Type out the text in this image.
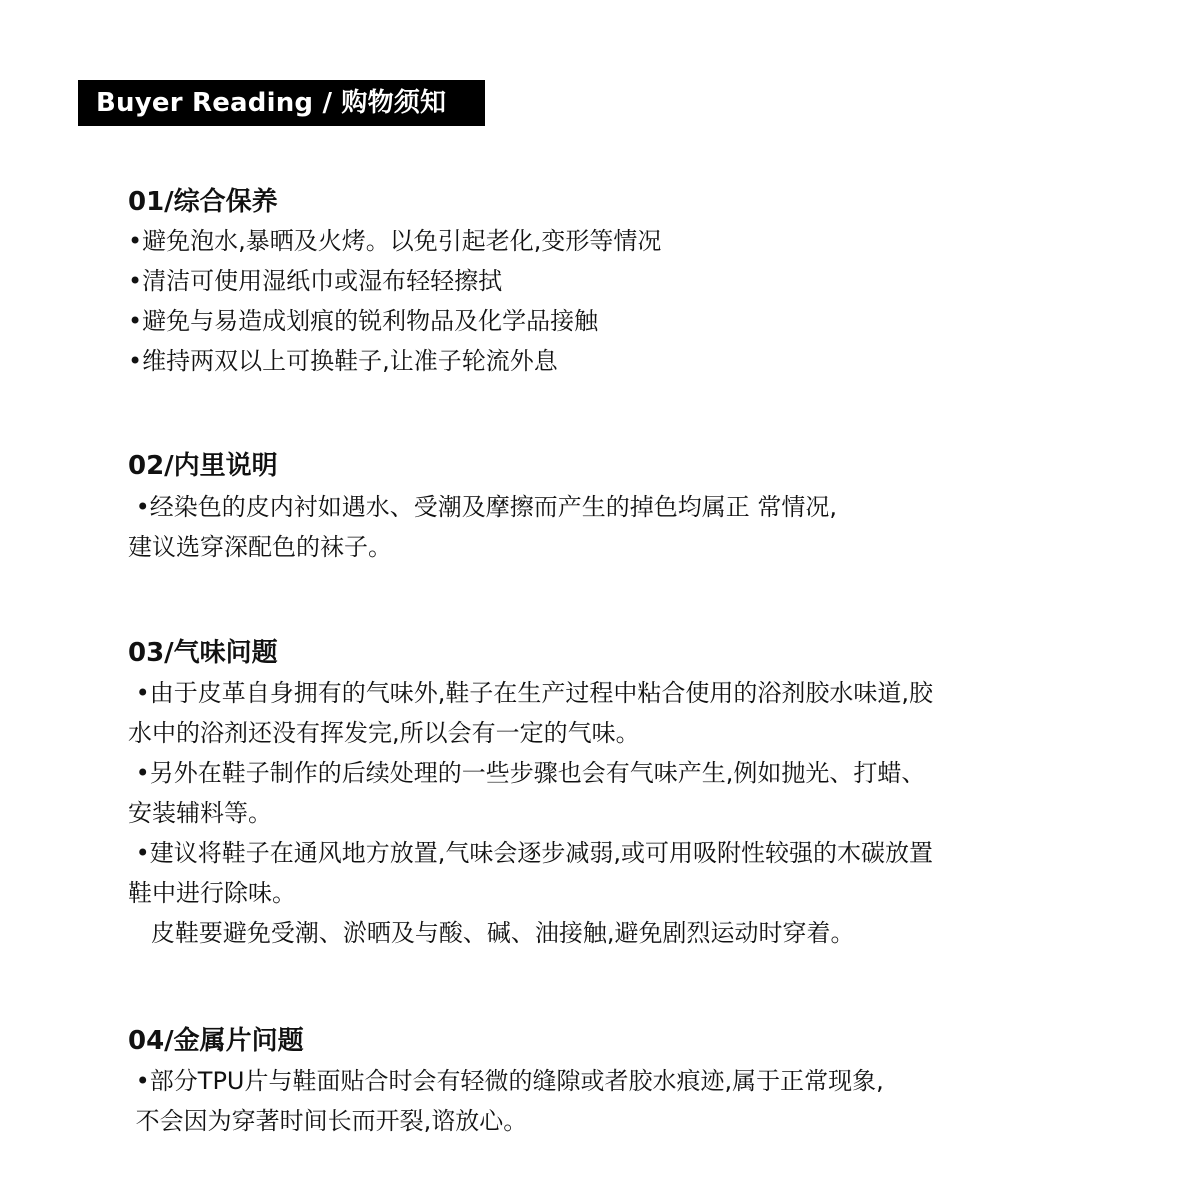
Buyer Reading / 购物须知
01/综合保养
•避免泡水,暴晒及火烤。以免引起老化,变形等情况
•清洁可使用湿纸巾或湿布轻轻擦拭
•避免与易造成划痕的锐利物品及化学品接触
•维持两双以上可换鞋子,让准子轮流外息
02/内里说明
•经染色的皮内衬如遇水、受潮及摩擦而产生的掉色均属正 常情况,
建议选穿深配色的袜子。
03/气味问题
•由于皮革自身拥有的气味外,鞋子在生产过程中粘合使用的浴剂胶水味道,胶
水中的浴剂还没有挥发完,所以会有一定的气味。
•另外在鞋子制作的后续处理的一些步骤也会有气味产生,例如抛光、打蜡、
安装辅料等。
•建议将鞋子在通风地方放置,气味会逐步减弱,或可用吸附性较强的木碳放置
鞋中进行除味。
皮鞋要避免受潮、淤晒及与酸、碱、油接触,避免剧烈运动时穿着。
04/金属片问题
•部分TPU片与鞋面贴合时会有轻微的缝隙或者胶水痕迹,属于正常现象,
不会因为穿著时间长而开裂,谘放心。
